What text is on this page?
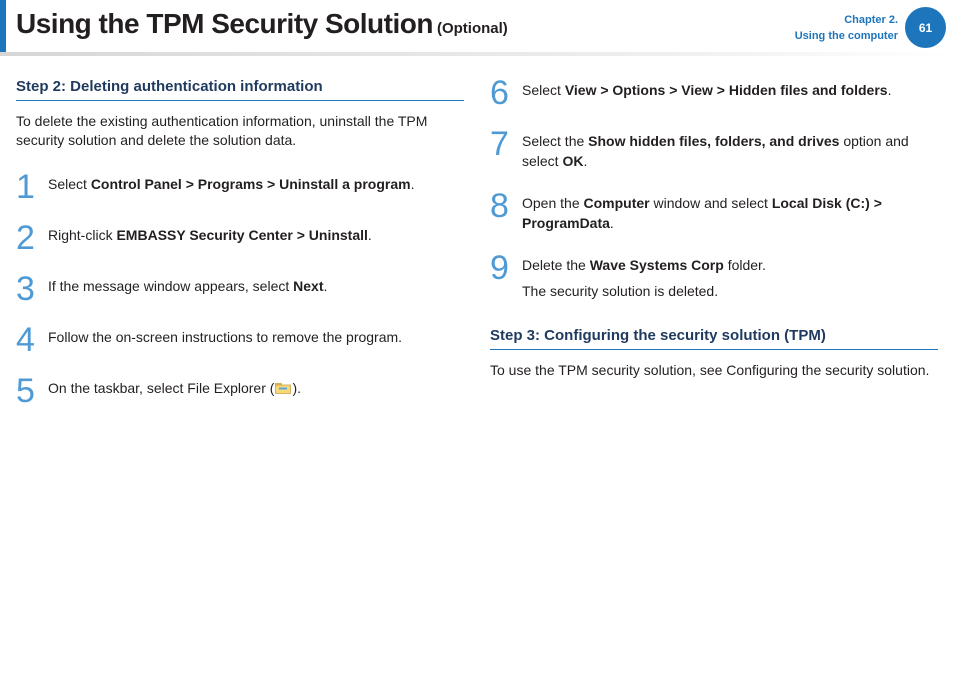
Using the TPM Security Solution (Optional)	Chapter 2.
Using the computer
61
Step 2: Deleting authentication information

To delete the existing authentication information, uninstall the TPM security solution and delete the solution data.

1 Select Control Panel > Programs > Uninstall a program.
2 Right-click EMBASSY Security Center > Uninstall.
3 If the message window appears, select Next.
4 Follow the on-screen instructions to remove the program.
5 On the taskbar, select File Explorer ( ).
6 Select View > Options > View > Hidden files and folders.
7 Select the Show hidden files, folders, and drives option and select OK.
8 Open the Computer window and select Local Disk (C:) > ProgramData.
9 Delete the Wave Systems Corp folder.
The security solution is deleted.
Step 3: Configuring the security solution (TPM)

To use the TPM security solution, see Configuring the security solution.
